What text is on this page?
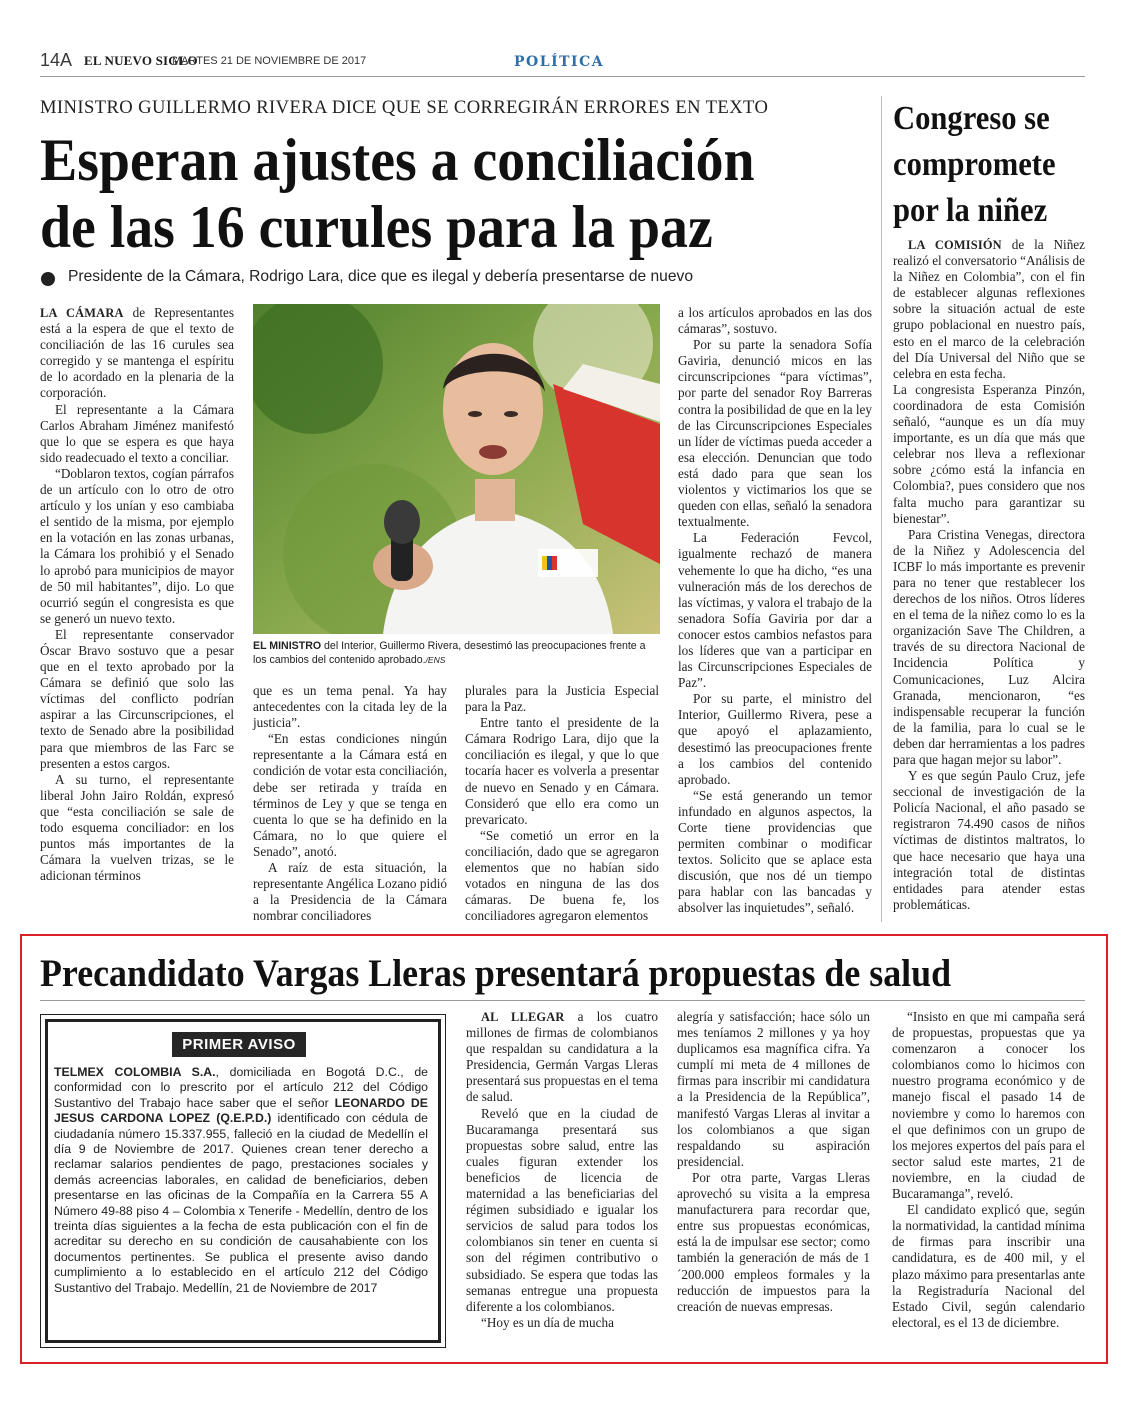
14A EL NUEVO SIGLO
MARTES 21 DE NOVIEMBRE DE 2017	POLÍTICA
MINISTRO GUILLERMO RIVERA DICE QUE SE CORREGIRÁN ERRORES EN TEXTO
Esperan ajustes a conciliación de las 16 curules para la paz
Presidente de la Cámara, Rodrigo Lara, dice que es ilegal y debería presentarse de nuevo

LA CÁMARA de Representantes está a la espera de que el texto de conciliación de las 16 curules sea corregido y se mantenga el espíritu de lo acordado en la plenaria de la corporación.

El representante a la Cámara Carlos Abraham Jiménez manifestó que lo que se espera es que haya sido readecuado el texto a conciliar.

“Doblaron textos, cogían párrafos de un artículo con lo otro de otro artículo y los unían y eso cambiaba el sentido de la misma, por ejemplo en la votación en las zonas urbanas, la Cámara los prohibió y el Senado lo aprobó para municipios de mayor de 50 mil habitantes”, dijo. Lo que ocurrió según el congresista es que se generó un nuevo texto.

El representante conservador Óscar Bravo sostuvo que a pesar que en el texto aprobado por la Cámara se definió que solo las víctimas del conflicto podrían aspirar a las Circunscripciones, el texto de Senado abre la posibilidad para que miembros de las Farc se presenten a estos cargos.

A su turno, el representante liberal John Jairo Roldán, expresó que “esta conciliación se sale de todo esquema conciliador: en los puntos más importantes de la Cámara la vuelven trizas, se le adicionan términos

EL MINISTRO del Interior, Guillermo Rivera, desestimó las preocupaciones frente a los cambios del contenido aprobado./ENS

que es un tema penal. Ya hay antecedentes con la citada ley de la justicia”.

“En estas condiciones ningún representante a la Cámara está en condición de votar esta conciliación, debe ser retirada y traída en términos de Ley y que se tenga en cuenta lo que se ha definido en la Cámara, no lo que quiere el Senado”, anotó.

A raíz de esta situación, la representante Angélica Lozano pidió a la Presidencia de la Cámara nombrar conciliadores

plurales para la Justicia Especial para la Paz.

Entre tanto el presidente de la Cámara Rodrigo Lara, dijo que la conciliación es ilegal, y que lo que tocaría hacer es volverla a presentar de nuevo en Senado y en Cámara. Consideró que ello era como un prevaricato.

“Se cometió un error en la conciliación, dado que se agregaron elementos que no habían sido votados en ninguna de las dos cámaras. De buena fe, los conciliadores agregaron elementos

a los artículos aprobados en las dos cámaras”, sostuvo.

Por su parte la senadora Sofía Gaviria, denunció micos en las circunscripciones “para víctimas”, por parte del senador Roy Barreras contra la posibilidad de que en la ley de las Circunscripciones Especiales un líder de víctimas pueda acceder a esa elección. Denuncian que todo está dado para que sean los violentos y victimarios los que se queden con ellas, señaló la senadora textualmente.

La Federación Fevcol, igualmente rechazó de manera vehemente lo que ha dicho, “es una vulneración más de los derechos de las víctimas, y valora el trabajo de la senadora Sofía Gaviria por dar a conocer estos cambios nefastos para los líderes que van a participar en las Circunscripciones Especiales de Paz”.

Por su parte, el ministro del Interior, Guillermo Rivera, pese a que apoyó el aplazamiento, desestimó las preocupaciones frente a los cambios del contenido aprobado.

“Se está generando un temor infundado en algunos aspectos, la Corte tiene providencias que permiten combinar o modificar textos. Solicito que se aplace esta discusión, que nos dé un tiempo para hablar con las bancadas y absolver las inquietudes”, señaló.

Congreso se compromete por la niñez

LA COMISIÓN de la Niñez realizó el conversatorio “Análisis de la Niñez en Colombia”, con el fin de establecer algunas reflexiones sobre la situación actual de este grupo poblacional en nuestro país, esto en el marco de la celebración del Día Universal del Niño que se celebra en esta fecha.

La congresista Esperanza Pinzón, coordinadora de esta Comisión señaló, “aunque es un día muy importante, es un día que más que celebrar nos lleva a reflexionar sobre ¿cómo está la infancia en Colombia?, pues considero que nos falta mucho para garantizar su bienestar”.

Para Cristina Venegas, directora de la Niñez y Adolescencia del ICBF lo más importante es prevenir para no tener que restablecer los derechos de los niños. Otros líderes en el tema de la niñez como lo es la organización Save The Children, a través de su directora Nacional de Incidencia Política y Comunicaciones, Luz Alcira Granada, mencionaron, “es indispensable recuperar la función de la familia, para lo cual se le deben dar herramientas a los padres para que hagan mejor su labor”.

Y es que según Paulo Cruz, jefe seccional de investigación de la Policía Nacional, el año pasado se registraron 74.490 casos de niños víctimas de distintos maltratos, lo que hace necesario que haya una integración total de distintas entidades para atender estas problemáticas.

Precandidato Vargas Lleras presentará propuestas de salud
PRIMER AVISO
TELMEX COLOMBIA S.A., domiciliada en Bogotá D.C., de conformidad con lo prescrito por el artículo 212 del Código Sustantivo del Trabajo hace saber que el señor LEONARDO DE JESUS CARDONA LOPEZ (Q.E.P.D.) identificado con cédula de ciudadanía número 15.337.955, falleció en la ciudad de Medellín el día 9 de Noviembre de 2017. Quienes crean tener derecho a reclamar salarios pendientes de pago, prestaciones sociales y demás acreencias laborales, en calidad de beneficiarios, deben presentarse en las oficinas de la Compañía en la Carrera 55 A Número 49-88 piso 4 – Colombia x Tenerife - Medellín, dentro de los treinta días siguientes a la fecha de esta publicación con el fin de acreditar su derecho en su condición de causahabiente con los documentos pertinentes. Se publica el presente aviso dando cumplimiento a lo establecido en el artículo 212 del Código Sustantivo del Trabajo. Medellín, 21 de Noviembre de 2017

AL LLEGAR a los cuatro millones de firmas de colombianos que respaldan su candidatura a la Presidencia, Germán Vargas Lleras presentará sus propuestas en el tema de salud.

Reveló que en la ciudad de Bucaramanga presentará sus propuestas sobre salud, entre las cuales figuran extender los beneficios de licencia de maternidad a las beneficiarias del régimen subsidiado e igualar los servicios de salud para todos los colombianos sin tener en cuenta si son del régimen contributivo o subsidiado. Se espera que todas las semanas entregue una propuesta diferente a los colombianos.

“Hoy es un día de mucha

alegría y satisfacción; hace sólo un mes teníamos 2 millones y ya hoy duplicamos esa magnífica cifra. Ya cumplí mi meta de 4 millones de firmas para inscribir mi candidatura a la Presidencia de la República”, manifestó Vargas Lleras al invitar a los colombianos a que sigan respaldando su aspiración presidencial.

Por otra parte, Vargas Lleras aprovechó su visita a la empresa manufacturera para recordar que, entre sus propuestas económicas, está la de impulsar ese sector; como también la generación de más de 1´200.000 empleos formales y la reducción de impuestos para la creación de nuevas empresas.

“Insisto en que mi campaña será de propuestas, propuestas que ya comenzaron a conocer los colombianos como lo hicimos con nuestro programa económico y de manejo fiscal el pasado 14 de noviembre y como lo haremos con el que definimos con un grupo de los mejores expertos del país para el sector salud este martes, 21 de noviembre, en la ciudad de Bucaramanga”, reveló.

El candidato explicó que, según la normatividad, la cantidad mínima de firmas para inscribir una candidatura, es de 400 mil, y el plazo máximo para presentarlas ante la Registraduría Nacional del Estado Civil, según calendario electoral, es el 13 de diciembre.
